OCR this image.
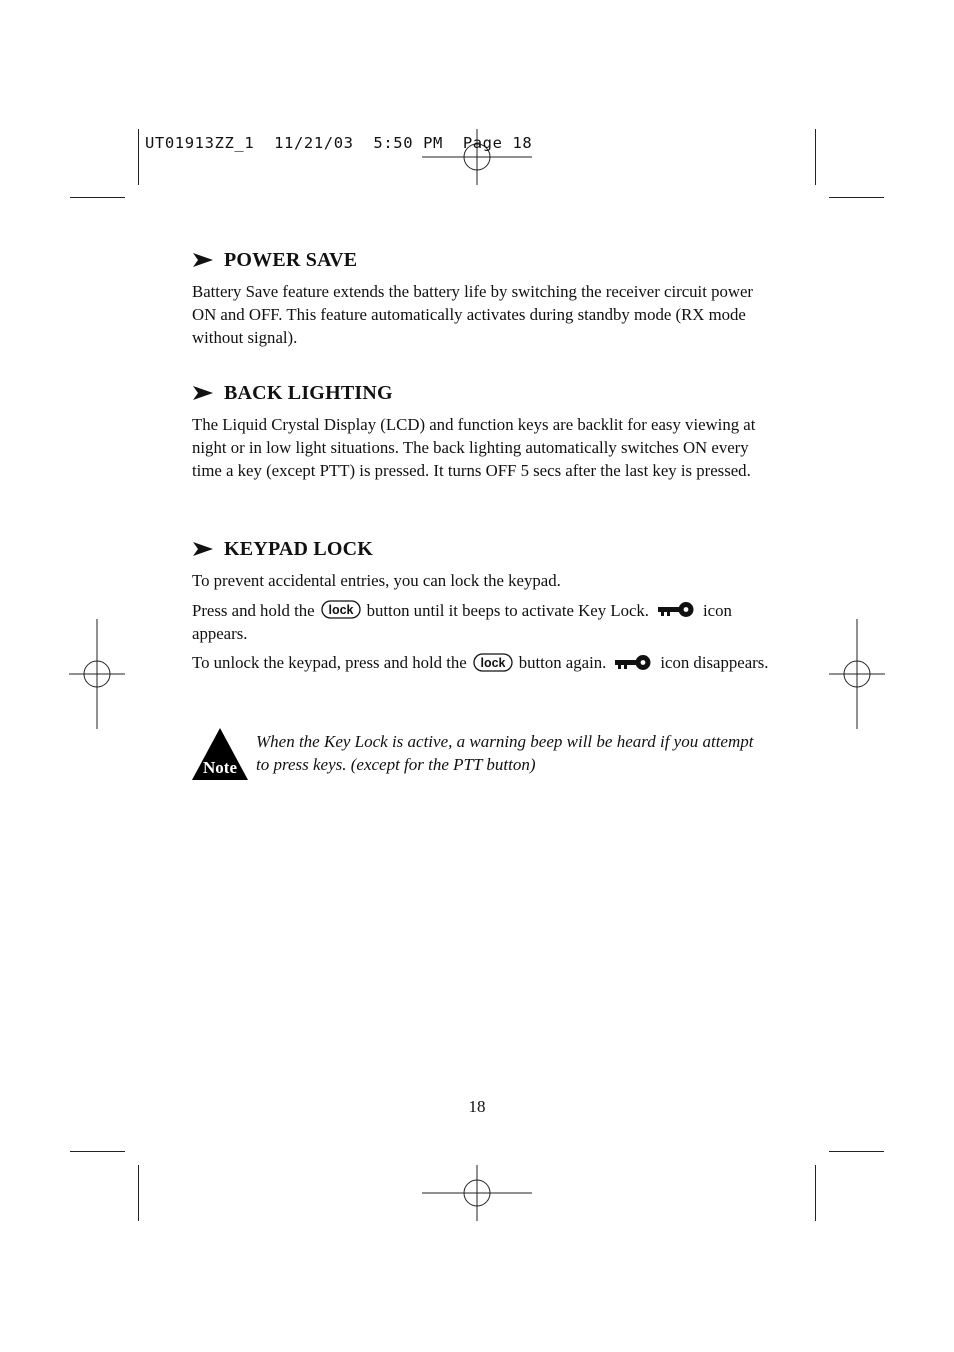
UT01913ZZ_1  11/21/03  5:50 PM  Page 18
POWER SAVE

Battery Save feature extends the battery life by switching the receiver circuit power ON and OFF. This feature automatically activates during standby mode (RX mode without signal).

BACK LIGHTING

The Liquid Crystal Display (LCD) and function keys are backlit for easy viewing at night or in low light situations. The back lighting automatically switches ON every time a key (except PTT) is pressed. It turns OFF 5 secs after the last key is pressed.

KEYPAD LOCK

To prevent accidental entries, you can lock the keypad.

Press and hold the lock button until it beeps to activate Key Lock.	icon appears.

To unlock the keypad, press and hold the lock button again.	icon disappears.

Note
When the Key Lock is active, a warning beep will be heard if you attempt to press keys. (except for the PTT button)
18
